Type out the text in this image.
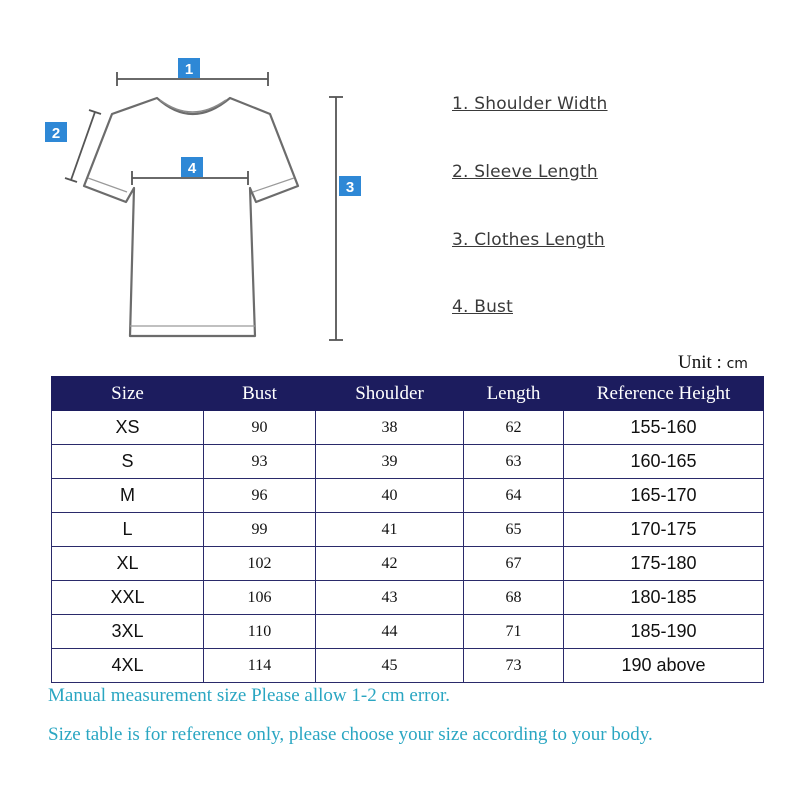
1
2
4
3
1. Shoulder Width
2. Sleeve Length
3. Clothes Length
4. Bust
Unit : cm
Size	Bust	Shoulder	Length	Reference Height
XS	90	38	62	155-160
S	93	39	63	160-165
M	96	40	64	165-170
L	99	41	65	170-175
XL	102	42	67	175-180
XXL	106	43	68	180-185
3XL	110	44	71	185-190
4XL	114	45	73	190 above
Manual measurement size Please allow 1-2 cm error.
Size table is for reference only, please choose your size according to your body.
